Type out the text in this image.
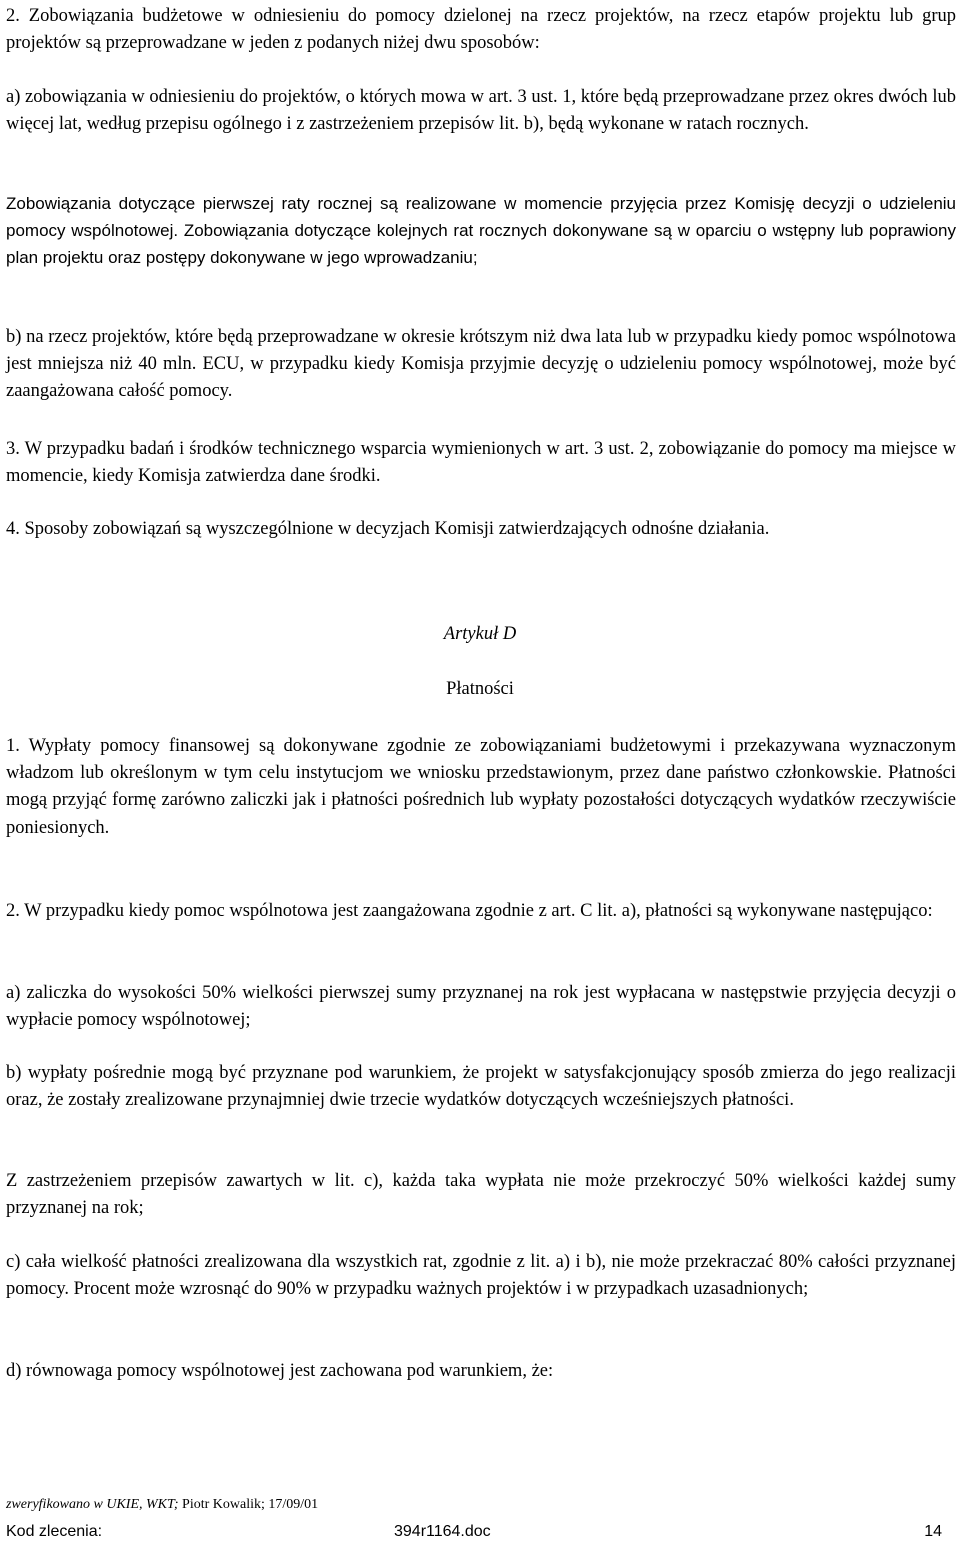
2. Zobowiązania budżetowe w odniesieniu do pomocy dzielonej na rzecz projektów, na rzecz etapów projektu lub grup projektów są przeprowadzane w jeden z podanych niżej dwu sposobów:

a) zobowiązania w odniesieniu do projektów, o których mowa w art. 3 ust. 1, które będą przeprowadzane przez okres dwóch lub więcej lat, według przepisu ogólnego i z zastrzeżeniem przepisów lit. b), będą wykonane w ratach rocznych.

Zobowiązania dotyczące pierwszej raty rocznej są realizowane w momencie przyjęcia przez Komisję decyzji o udzieleniu pomocy wspólnotowej. Zobowiązania dotyczące kolejnych rat rocznych dokonywane są w oparciu o wstępny lub poprawiony plan projektu oraz postępy dokonywane w jego wprowadzaniu;

b) na rzecz projektów, które będą przeprowadzane w okresie krótszym niż dwa lata lub w przypadku kiedy pomoc wspólnotowa jest mniejsza niż 40 mln. ECU, w przypadku kiedy Komisja przyjmie decyzję o udzieleniu pomocy wspólnotowej, może być zaangażowana całość pomocy.

3. W przypadku badań i środków technicznego wsparcia wymienionych w art. 3 ust. 2, zobowiązanie do pomocy ma miejsce w momencie, kiedy Komisja zatwierdza dane środki.

4. Sposoby zobowiązań są wyszczególnione w decyzjach Komisji zatwierdzających odnośne działania.

Artykuł D
Płatności

1. Wypłaty pomocy finansowej są dokonywane zgodnie ze zobowiązaniami budżetowymi i przekazywana wyznaczonym władzom lub określonym w tym celu instytucjom we wniosku przedstawionym, przez dane państwo członkowskie. Płatności mogą przyjąć formę zarówno zaliczki jak i płatności pośrednich lub wypłaty pozostałości dotyczących wydatków rzeczywiście poniesionych.

2. W przypadku kiedy pomoc wspólnotowa jest zaangażowana zgodnie z art. C lit. a), płatności są wykonywane następująco:

a) zaliczka do wysokości 50% wielkości pierwszej sumy przyznanej na rok jest wypłacana w następstwie przyjęcia decyzji o wypłacie pomocy wspólnotowej;

b) wypłaty pośrednie mogą być przyznane pod warunkiem, że projekt w satysfakcjonujący sposób zmierza do jego realizacji oraz, że zostały zrealizowane przynajmniej dwie trzecie wydatków dotyczących wcześniejszych płatności.

Z zastrzeżeniem przepisów zawartych w lit. c), każda taka wypłata nie może przekroczyć 50% wielkości każdej sumy przyznanej na rok;

c) cała wielkość płatności zrealizowana dla wszystkich rat, zgodnie z lit. a) i b), nie może przekraczać 80% całości przyznanej pomocy. Procent może wzrosnąć do 90% w przypadku ważnych projektów i w przypadkach uzasadnionych;

d) równowaga pomocy wspólnotowej jest zachowana pod warunkiem, że:

zweryfikowano w UKIE, WKT; Piotr Kowalik; 17/09/01
Kod zlecenia:	394r1164.doc	14
